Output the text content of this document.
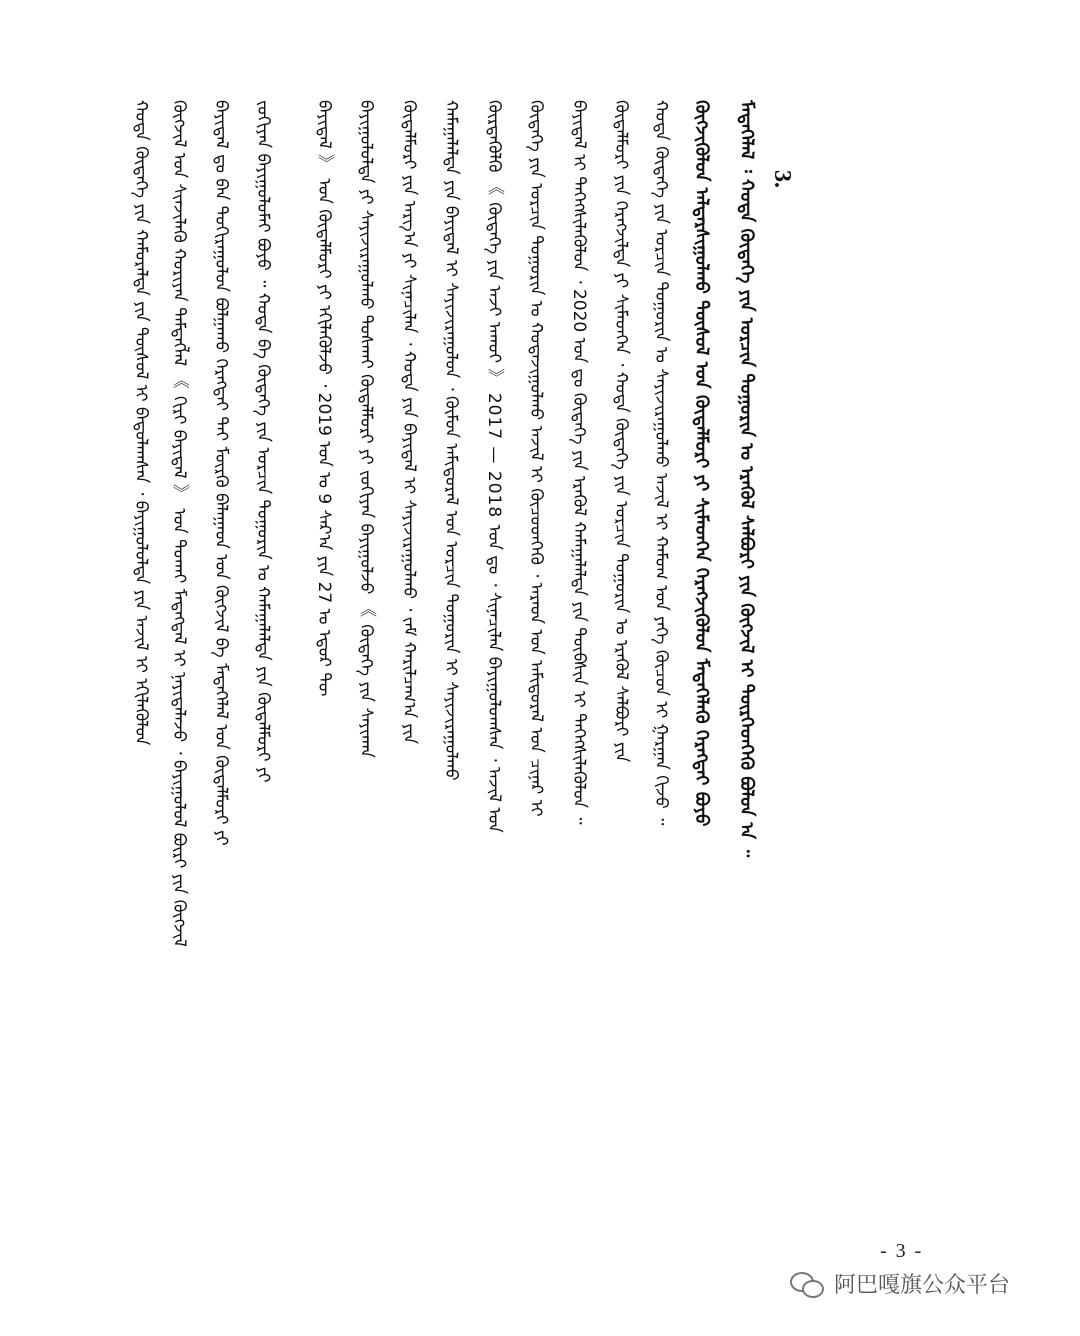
ᠬᠥᠭᠵᠢᠯ ᠤᠨ ᠰᠢᠨᠵᠢᠯᠡᠬᠦ ᠬᠤᠷᠢᠶᠠᠨ ᠲᠡᠮᠳᠡᠭᠯᠡᠯ 《 ᠬᠢᠷᠢ ᠪᠠᠶᠢᠳᠠᠯ 》 ᠤᠨ ᠲᠤᠬᠠᠢ ᠮᠡᠳᠡᠭᠳᠡᠯ ᠢ ᠨᠡᠶᠢᠲᠡᠯᠡᠵᠦ ᠂ ᠪᠠᠶᠢᠭᠤᠯᠤᠯ ᠪᠦᠷᠢ ᠶᠢᠨ ᠬᠥᠭᠵᠢᠯ ᠪᠠᠶᠢᠳᠠᠯ ᠳᠤ ᠪᠡᠨ ᠲᠣᠬᠢᠷᠠᠭᠤᠯᠤᠨ ᠪᠤᠯᠭᠠᠬᠤ ᠬᠡᠷᠡᠭᠲᠡᠢ ᠲᠠᠢ ᠮᠥᠷᠬᠦ ᠪᠠᠯᠠᠭᠠᠳ ᠤᠨ ᠬᠥᠭᠵᠢᠯ ᠪᠠ ᠮᠡᠳᠡᠭᠡᠯᠡᠯ ᠤᠨ ᠬᠥᠳᠡᠯᠮᠦᠷᠢ ᠶᠢ ᠵᠣᠬᠢᠶᠠᠨ ᠪᠠᠶᠢᠭᠤᠯᠤᠮᠠᠢ ᠪᠤᠶᠤ ᠃ ᠬᠣᠲᠠ ᠪᠠ ᠬᠥᠳᠡᠭᠡ ᠶᠢᠨ ᠣᠷᠴᠢᠨ ᠲᠣᠭᠣᠷᠢᠨ ᠤ ᠬᠠᠮᠠᠭᠠᠯᠠᠯᠲᠠ ᠶᠢᠨ ᠬᠥᠳᠡᠯᠮᠦᠷᠢ ᠶᠢ	ᠬᠥᠭᠵᠢᠭᠦᠯᠦᠨ ᠠᠯᠳᠠᠷᠰᠢᠭᠤᠯᠬᠤ ᠲᠥᠰᠦᠯ ᠤᠨ ᠬᠥᠳᠡᠯᠮᠦᠷᠢ ᠶᠢ ᠰᠢᠮᠡᠳᠬᠡᠨ ᠬᠡᠷᠡᠭᠵᠢᠭᠦᠯᠦᠨ ᠮᠡᠳᠡᠭᠡᠯᠡᠬᠦ ᠬᠡᠷᠡᠭᠲᠡᠢ ᠪᠤᠶᠤ ᠮᠡᠳᠡᠭᠡᠯᠡᠯ ᠄ ᠬᠣᠲᠠ ᠬᠥᠳᠡᠭᠡ ᠶᠢᠨ ᠣᠷᠴᠢᠨ ᠲᠣᠭᠣᠷᠢᠨ ᠤ ᠡᠷᠡᠭᠦᠯ ᠰᠠᠯᠪᠤᠷᠢ ᠶᠢᠨ ᠬᠥᠭᠵᠢᠯ ᠢ ᠲᠦᠷᠭᠡᠳᠬᠡᠬᠦ ᠪᠤᠯᠤᠨ ᠠ ᠃
ᠬᠣᠲᠠ ᠬᠥᠳᠡᠭᠡ ᠶᠢᠨ ᠣᠷᠴᠢᠨ ᠲᠣᠭᠣᠷᠢᠨ ᠤ ᠰᠠᠶᠢᠵᠢᠷᠠᠭᠤᠯᠬᠤ ᠠᠵᠢᠯ ᠢ ᠬᠠᠮᠤᠭ ᠤᠨ ᠶᠡᠬᠡ ᠬᠦᠴᠦᠨ ᠢ ᠭᠠᠷᠭᠠᠨ ᠬᠢᠵᠦ ᠃
ᠬᠥᠳᠡᠯᠮᠦᠷᠢ ᠶᠢᠨ ᠬᠡᠷᠡᠭᠵᠢᠯᠲᠡ ᠶᠢ ᠰᠢᠮᠡᠳᠬᠡᠨ ᠂ ᠬᠣᠲᠠ ᠬᠥᠳᠡᠭᠡ ᠶᠢᠨ ᠣᠷᠴᠢᠨ ᠲᠣᠭᠣᠷᠢᠨ ᠤ ᠡᠷᠡᠭᠦᠯ ᠰᠠᠯᠪᠤᠷᠢ ᠶᠢᠨ
ᠪᠠᠶᠢᠳᠠᠯ ᠢ ᠳᠡᠭᠡᠭᠰᠢᠯᠡᠭᠦᠯᠦᠨ ᠂ 2020 ᠣᠨ ᠳᠤ ᠬᠥᠳᠡᠭᠡ ᠶᠢᠨ ᠡᠷᠡᠭᠦᠯ ᠬᠠᠮᠠᠭᠠᠯᠠᠯᠲᠠ ᠶᠢᠨ ᠲᠦᠪᠰᠢᠨ ᠢ ᠳᠡᠭᠡᠭᠰᠢᠯᠡᠭᠦᠯᠦᠨ ᠃
ᠬᠥᠳᠡᠭᠡ ᠶᠢᠨ ᠣᠷᠴᠢᠨ ᠲᠣᠭᠣᠷᠢᠨ ᠤ ᠬᠣᠲᠠᠵᠢᠭᠤᠯᠬᠤ ᠠᠵᠢᠯ ᠢ ᠬᠦᠴᠦᠳᠬᠡᠬᠦ ᠂ ᠠᠷᠠᠳ ᠤᠨ ᠠᠮᠢᠳᠤᠷᠠᠯ ᠤᠨ ᠴᠢᠨᠠᠷ ᠢ
ᠬᠦᠷᠳᠡᠭᠦᠯᠬᠦ 《 ᠬᠦᠳᠡᠭᠡ ᠶᠢᠨ ᠠᠵᠢ ᠠᠬᠤᠢ 》 2017 — 2018 ᠣᠨ ᠳᠤ ᠂ ᠰᠢᠨᠡᠴᠢᠯᠡᠨ ᠪᠠᠶᠢᠭᠤᠯᠤᠭᠰᠠᠨ ᠂ ᠠᠵᠢᠯ ᠤᠨ
ᠬᠠᠮᠠᠭᠠᠯᠠᠯᠲᠠ ᠶᠢᠨ ᠪᠠᠶᠢᠳᠠᠯ ᠢ ᠰᠠᠶᠢᠵᠢᠷᠠᠭᠤᠯᠤᠨ ᠂ ᠬᠦᠮᠦᠨ ᠠᠮᠢᠳᠤᠷᠠᠯ ᠤᠨ ᠣᠷᠴᠢᠨ ᠲᠣᠭᠣᠷᠢᠨ ᠢ ᠰᠠᠶᠢᠵᠢᠷᠠᠭᠤᠯᠬᠤ
ᠬᠥᠳᠡᠯᠮᠦᠷᠢ ᠶᠢᠨ ᠠᠷᠭ᠎ᠠ ᠶᠢ ᠰᠢᠨᠡᠴᠢᠯᠡᠨ ᠂ ᠬᠣᠲᠠ ᠶᠢᠨ ᠪᠠᠶᠢᠳᠠᠯ ᠢ ᠰᠠᠶᠢᠵᠢᠷᠠᠭᠤᠯᠬᠤ ᠂ ᠵᠠᠮ ᠬᠠᠷᠢᠯᠴᠠᠭ᠎ᠠ ᠶᠢᠨ
ᠪᠠᠶᠢᠭᠤᠯᠤᠯᠲᠠ ᠶᠢ ᠰᠠᠶᠢᠵᠢᠷᠠᠭᠤᠯᠬᠤ ᠲᠤᠰᠬᠠᠢ ᠬᠥᠳᠡᠯᠮᠦᠷᠢ ᠶᠢ ᠵᠣᠬᠢᠶᠠᠨ ᠪᠠᠶᠢᠭᠤᠯᠵᠤ 《 ᠬᠥᠳᠡᠭᠡ ᠶᠢᠨ ᠰᠠᠶᠢᠬᠠᠨ
ᠪᠠᠶᠢᠳᠠᠯ 》 ᠤᠨ ᠬᠥᠳᠡᠯᠮᠦᠷᠢ ᠶᠢ ᠡᠬᠢᠯᠡᠭᠦᠯᠵᠦ ᠂ 2019 ᠣᠨ ᠤ 9 ᠰᠠᠷ᠎ᠠ ᠶᠢᠨ 27 ᠤ ᠡᠳᠦᠷ ᠲᠦ
ᠬᠣᠲᠠ ᠬᠥᠳᠡᠭᠡ ᠶᠢᠨ ᠬᠠᠮᠤᠷᠠᠯᠲᠠ ᠶᠢᠨ ᠲᠥᠰᠦᠯ ᠢ ᠪᠠᠲᠤᠯᠠᠭᠰᠠᠨ ᠂ ᠪᠠᠶᠢᠭᠤᠯᠤᠯᠲᠠ ᠶᠢᠨ ᠠᠵᠢᠯ ᠢ ᠡᠬᠢᠯᠡᠭᠦᠯᠦᠨ	3.
- 3 -
阿巴嘎旗公众平台
